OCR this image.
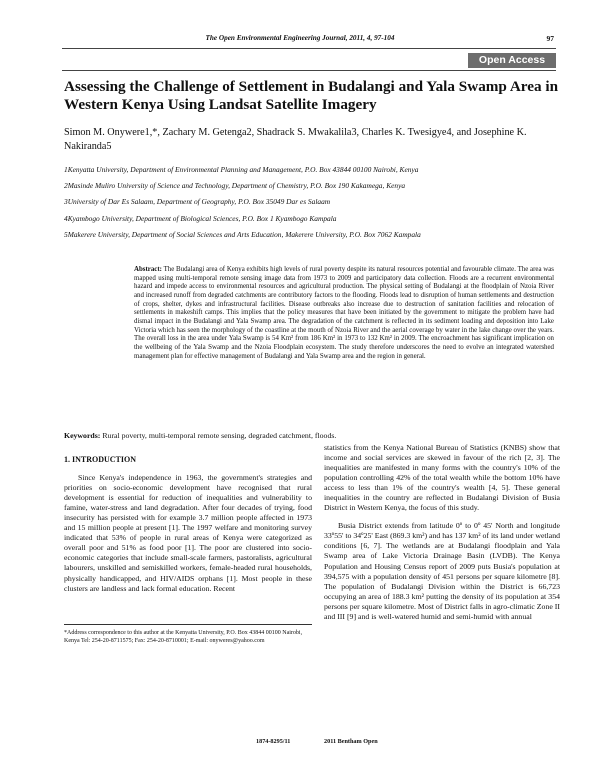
The Open Environmental Engineering Journal, 2011, 4, 97-104	97
Open Access
Assessing the Challenge of Settlement in Budalangi and Yala Swamp Area in Western Kenya Using Landsat Satellite Imagery
Simon M. Onywere1,*, Zachary M. Getenga2, Shadrack S. Mwakalila3, Charles K. Twesigye4, and Josephine K. Nakiranda5
1Kenyatta University, Department of Environmental Planning and Management, P.O. Box 43844 00100 Nairobi, Kenya
2Masinde Muliro University of Science and Technology, Department of Chemistry, P.O. Box 190 Kakamega, Kenya
3University of Dar Es Salaam, Department of Geography, P.O. Box 35049 Dar es Salaam
4Kyambogo University, Department of Biological Sciences, P.O. Box 1 Kyambogo Kampala
5Makerere University, Department of Social Sciences and Arts Education, Makerere University, P.O. Box 7062 Kampala
Abstract: The Budalangi area of Kenya exhibits high levels of rural poverty despite its natural resources potential and favourable climate. The area was mapped using multi-temporal remote sensing image data from 1973 to 2009 and participatory data collection. Floods are a recurrent environmental hazard and impede access to environmental resources and agricultural production. The physical setting of Budalangi at the floodplain of Nzoia River and increased runoff from degraded catchments are contributory factors to the flooding. Floods lead to disruption of human settlements and destruction of crops, shelter, dykes and infrastructural facilities. Disease outbreaks also increase due to destruction of sanitation facilities and relocation of settlements in makeshift camps. This implies that the policy measures that have been initiated by the government to mitigate the problem have had dismal impact in the Budalangi and Yala Swamp area. The degradation of the catchment is reflected in its sediment loading and deposition into Lake Victoria which has seen the morphology of the coastline at the mouth of Nzoia River and the aerial coverage by water in the lake change over the years. The overall loss in the area under Yala Swamp is 54 Km² from 186 Km² in 1973 to 132 Km² in 2009. The encroachment has significant implication on the wellbeing of the Yala Swamp and the Nzoia Floodplain ecosystem. The study therefore underscores the need to evolve an integrated watershed management plan for effective management of Budalangi and Yala Swamp area and the region in general.
Keywords: Rural poverty, multi-temporal remote sensing, degraded catchment, floods.
1. INTRODUCTION

Since Kenya's independence in 1963, the government's strategies and priorities on socio-economic development have recognised that rural development is essential for reduction of inequalities and vulnerability to famine, water-stress and land degradation. After four decades of trying, food insecurity has persisted with for example 3.7 million people affected in 1973 and 15 million people at present [1]. The 1997 welfare and monitoring survey indicated that 53% of people in rural areas of Kenya were categorized as overall poor and 51% as food poor [1]. The poor are clustered into socio-economic categories that include small-scale farmers, pastoralists, agricultural labourers, unskilled and semiskilled workers, female-headed rural households, physically handicapped, and HIV/AIDS orphans [1]. Most people in these clusters are landless and lack formal education. Recent

statistics from the Kenya National Bureau of Statistics (KNBS) show that income and social services are skewed in favour of the rich [2, 3]. The inequalities are manifested in many forms with the country's 10% of the population controlling 42% of the total wealth while the bottom 10% have access to less than 1% of the country's wealth [4, 5]. These general inequalities in the country are reflected in Budalangi Division of Busia District in Western Kenya, the focus of this study.

Busia District extends from latitude 0º to 0º 45' North and longitude 33º55' to 34º25' East (869.3 km²) and has 137 km² of its land under wetland conditions [6, 7]. The wetlands are at Budalangi floodplain and Yala Swamp area of Lake Victoria Drainage Basin (LVDB). The Kenya Population and Housing Census report of 2009 puts Busia's population at 394,575 with a population density of 451 persons per square kilometre [8]. The population of Budalangi Division within the District is 66,723 occupying an area of 188.3 km² putting the density of its population at 354 persons per square kilometre. Most of District falls in agro-climatic Zone II and III [9] and is well-watered humid and semi-humid with annual

*Address correspondence to this author at the Kenyatta University, P.O. Box 43844 00100 Nairobi, Kenya Tel: 254-20-8711575; Fax: 254-20-8710001; E-mail: onyweres@yahoo.com
1874-8295/11	2011 Bentham Open
